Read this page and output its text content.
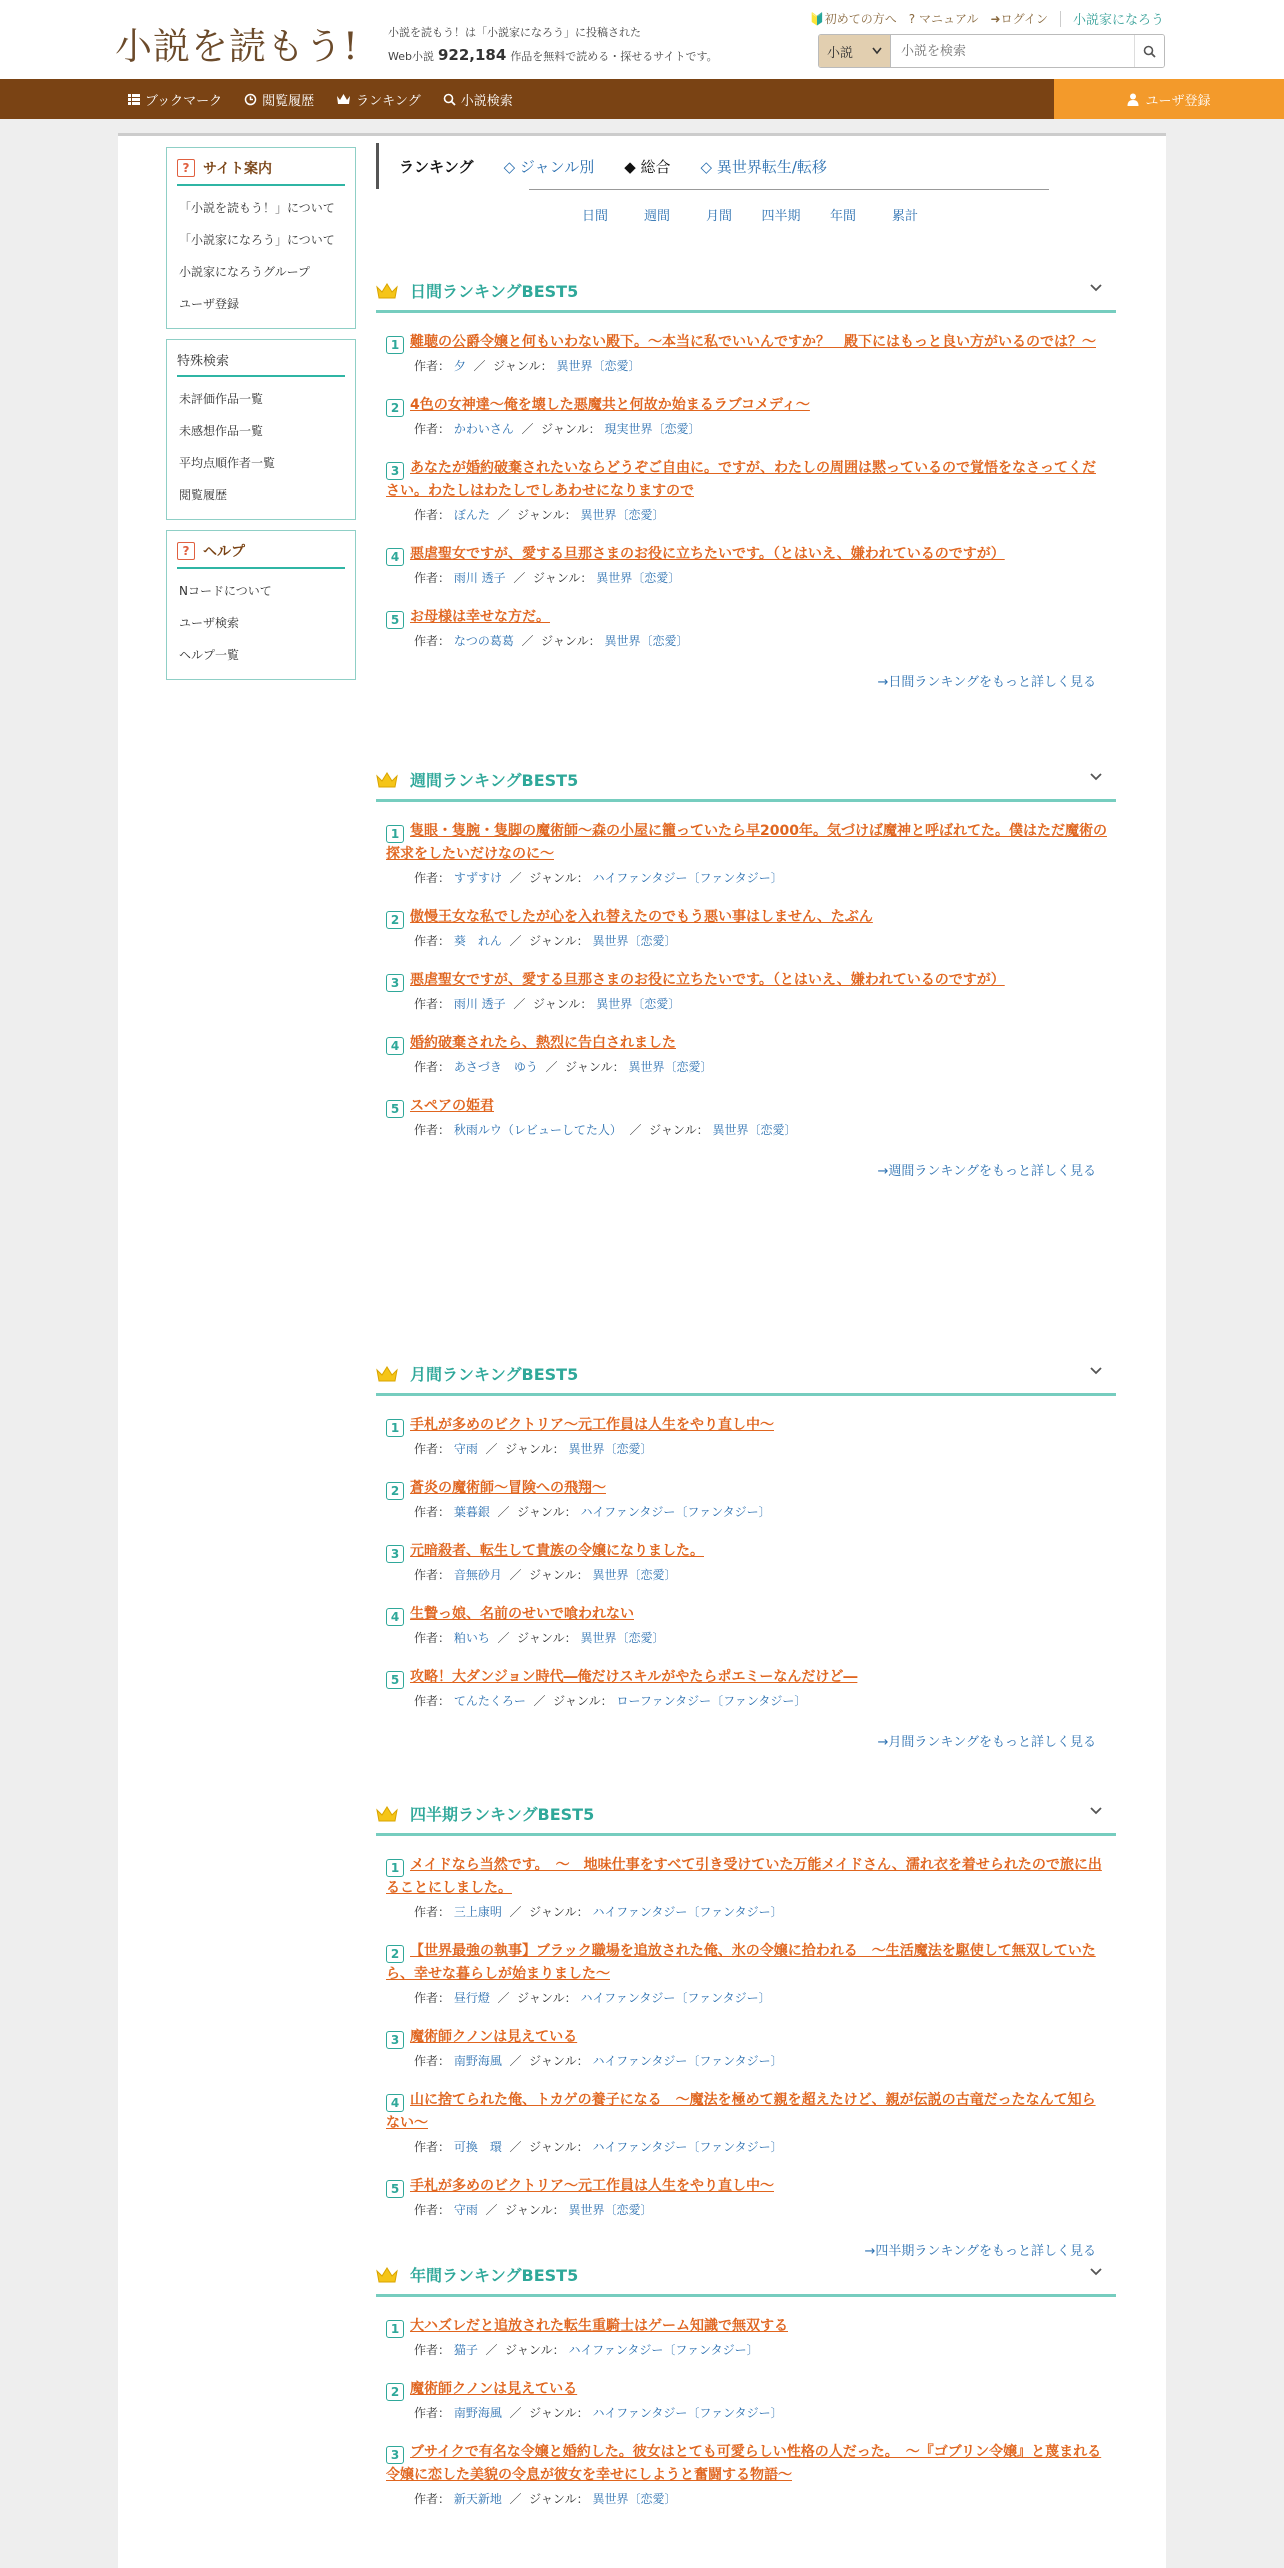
小説を読もう!	小説を読もう！は「小説家になろう」に投稿された
Web小説 922,184 作品を無料で読める・探せるサイトです。
🔰初めての方へ ? マニュアル ➜ログイン 小説家になろう
小説
小説を検索
ブックマーク	閲覧履歴	ランキング	小説検索	ユーザ登録
? サイト案内
「小説を読もう！」について
「小説家になろう」について
小説家になろうグループ
ユーザ登録
特殊検索
未評価作品一覧
未感想作品一覧
平均点順作者一覧
閲覧履歴
? ヘルプ
Nコードについて
ユーザ検索
ヘルプ一覧
ランキング ◇ ジャンル別 ◆ 総合 ◇ 異世界転生/転移
日間	週間	月間	四半期	年間	累計
日間ランキングBEST5
1 難聴の公爵令嬢と何もいわない殿下。〜本当に私でいいんですか？　殿下にはもっと良い方がいるのでは？〜
作者： 夕 ／ ジャンル： 異世界〔恋愛〕
2 4色の女神達～俺を壊した悪魔共と何故か始まるラブコメディ～
作者： かわいさん ／ ジャンル： 現実世界〔恋愛〕
3 あなたが婚約破棄されたいならどうぞご自由に。ですが、わたしの周囲は黙っているので覚悟をなさってください。わたしはわたしでしあわせになりますので
作者： ぼんた ／ ジャンル： 異世界〔恋愛〕
4 悪虐聖女ですが、愛する旦那さまのお役に立ちたいです。（とはいえ、嫌われているのですが）
作者： 雨川 透子 ／ ジャンル： 異世界〔恋愛〕
5 お母様は幸せな方だ。
作者： なつの葛葛 ／ ジャンル： 異世界〔恋愛〕
→日間ランキングをもっと詳しく見る
週間ランキングBEST5
1 隻眼・隻腕・隻脚の魔術師～森の小屋に籠っていたら早2000年。気づけば魔神と呼ばれてた。僕はただ魔術の探求をしたいだけなのに～
作者： すずすけ ／ ジャンル： ハイファンタジー〔ファンタジー〕
2 傲慢王女な私でしたが心を入れ替えたのでもう悪い事はしません、たぶん
作者： 葵　れん ／ ジャンル： 異世界〔恋愛〕
3 悪虐聖女ですが、愛する旦那さまのお役に立ちたいです。（とはいえ、嫌われているのですが）
作者： 雨川 透子 ／ ジャンル： 異世界〔恋愛〕
4 婚約破棄されたら、熱烈に告白されました
作者： あさづき　ゆう ／ ジャンル： 異世界〔恋愛〕
5 スペアの姫君
作者： 秋雨ルウ（レビューしてた人） ／ ジャンル： 異世界〔恋愛〕
→週間ランキングをもっと詳しく見る
月間ランキングBEST5
1 手札が多めのビクトリア〜元工作員は人生をやり直し中〜
作者： 守雨 ／ ジャンル： 異世界〔恋愛〕
2 蒼炎の魔術師〜冒険への飛翔〜
作者： 葉暮銀 ／ ジャンル： ハイファンタジー〔ファンタジー〕
3 元暗殺者、転生して貴族の令嬢になりました。
作者： 音無砂月 ／ ジャンル： 異世界〔恋愛〕
4 生贄っ娘、名前のせいで喰われない
作者： 粕いち ／ ジャンル： 異世界〔恋愛〕
5 攻略！大ダンジョン時代―俺だけスキルがやたらポエミーなんだけど―
作者： てんたくろー ／ ジャンル： ローファンタジー〔ファンタジー〕
→月間ランキングをもっと詳しく見る
四半期ランキングBEST5
1 メイドなら当然です。　～　地味仕事をすべて引き受けていた万能メイドさん、濡れ衣を着せられたので旅に出ることにしました。
作者： 三上康明 ／ ジャンル： ハイファンタジー〔ファンタジー〕
2 【世界最強の執事】ブラック職場を追放された俺、氷の令嬢に拾われる　～生活魔法を駆使して無双していたら、幸せな暮らしが始まりました～
作者： 昼行燈 ／ ジャンル： ハイファンタジー〔ファンタジー〕
3 魔術師クノンは見えている
作者： 南野海風 ／ ジャンル： ハイファンタジー〔ファンタジー〕
4 山に捨てられた俺、トカゲの養子になる　～魔法を極めて親を超えたけど、親が伝説の古竜だったなんて知らない～
作者： 可換　環 ／ ジャンル： ハイファンタジー〔ファンタジー〕
5 手札が多めのビクトリア〜元工作員は人生をやり直し中〜
作者： 守雨 ／ ジャンル： 異世界〔恋愛〕
→四半期ランキングをもっと詳しく見る
年間ランキングBEST5
1 大ハズレだと追放された転生重騎士はゲーム知識で無双する
作者： 猫子 ／ ジャンル： ハイファンタジー〔ファンタジー〕
2 魔術師クノンは見えている
作者： 南野海風 ／ ジャンル： ハイファンタジー〔ファンタジー〕
3 ブサイクで有名な令嬢と婚約した。彼女はとても可愛らしい性格の人だった。　～『ゴブリン令嬢』と蔑まれる令嬢に恋した美貌の令息が彼女を幸せにしようと奮闘する物語～
作者： 新天新地 ／ ジャンル： 異世界〔恋愛〕
